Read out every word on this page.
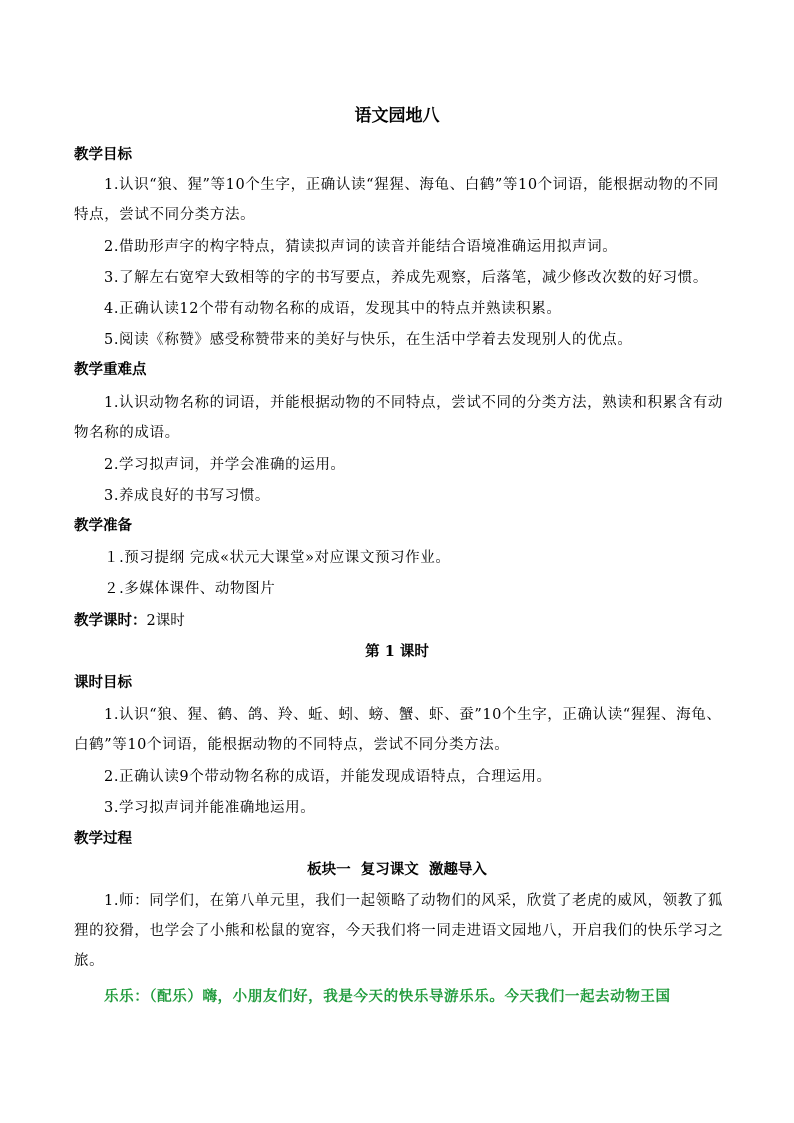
语文园地八
教学目标
1.认识“狼、猩”等10个生字，正确认读“猩猩、海龟、白鹤”等10个词语，能根据动物的不同特点，尝试不同分类方法。
2.借助形声字的构字特点，猜读拟声词的读音并能结合语境准确运用拟声词。
3.了解左右宽窄大致相等的字的书写要点，养成先观察，后落笔，减少修改次数的好习惯。
4.正确认读12个带有动物名称的成语，发现其中的特点并熟读积累。
5.阅读《称赞》感受称赞带来的美好与快乐，在生活中学着去发现别人的优点。
教学重难点
1.认识动物名称的词语，并能根据动物的不同特点，尝试不同的分类方法，熟读和积累含有动物名称的成语。
2.学习拟声词，并学会准确的运用。
3.养成良好的书写习惯。
教学准备
１.预习提纲 完成«状元大课堂»对应课文预习作业。
２.多媒体课件、动物图片
教学课时：2课时
第 1 课时
课时目标
1.认识“狼、猩、鹤、鸽、羚、蚯、蚓、螃、蟹、虾、蚕”10个生字，正确认读“猩猩、海龟、白鹤”等10个词语，能根据动物的不同特点，尝试不同分类方法。
2.正确认读9个带动物名称的成语，并能发现成语特点，合理运用。
3.学习拟声词并能准确地运用。
教学过程
板块一  复习课文  激趣导入
1.师：同学们，在第八单元里，我们一起领略了动物们的风采，欣赏了老虎的威风，领教了狐狸的狡猾，也学会了小熊和松鼠的宽容，今天我们将一同走进语文园地八，开启我们的快乐学习之旅。
乐乐：（配乐）嗨，小朋友们好，我是今天的快乐导游乐乐。今天我们一起去动物王国
